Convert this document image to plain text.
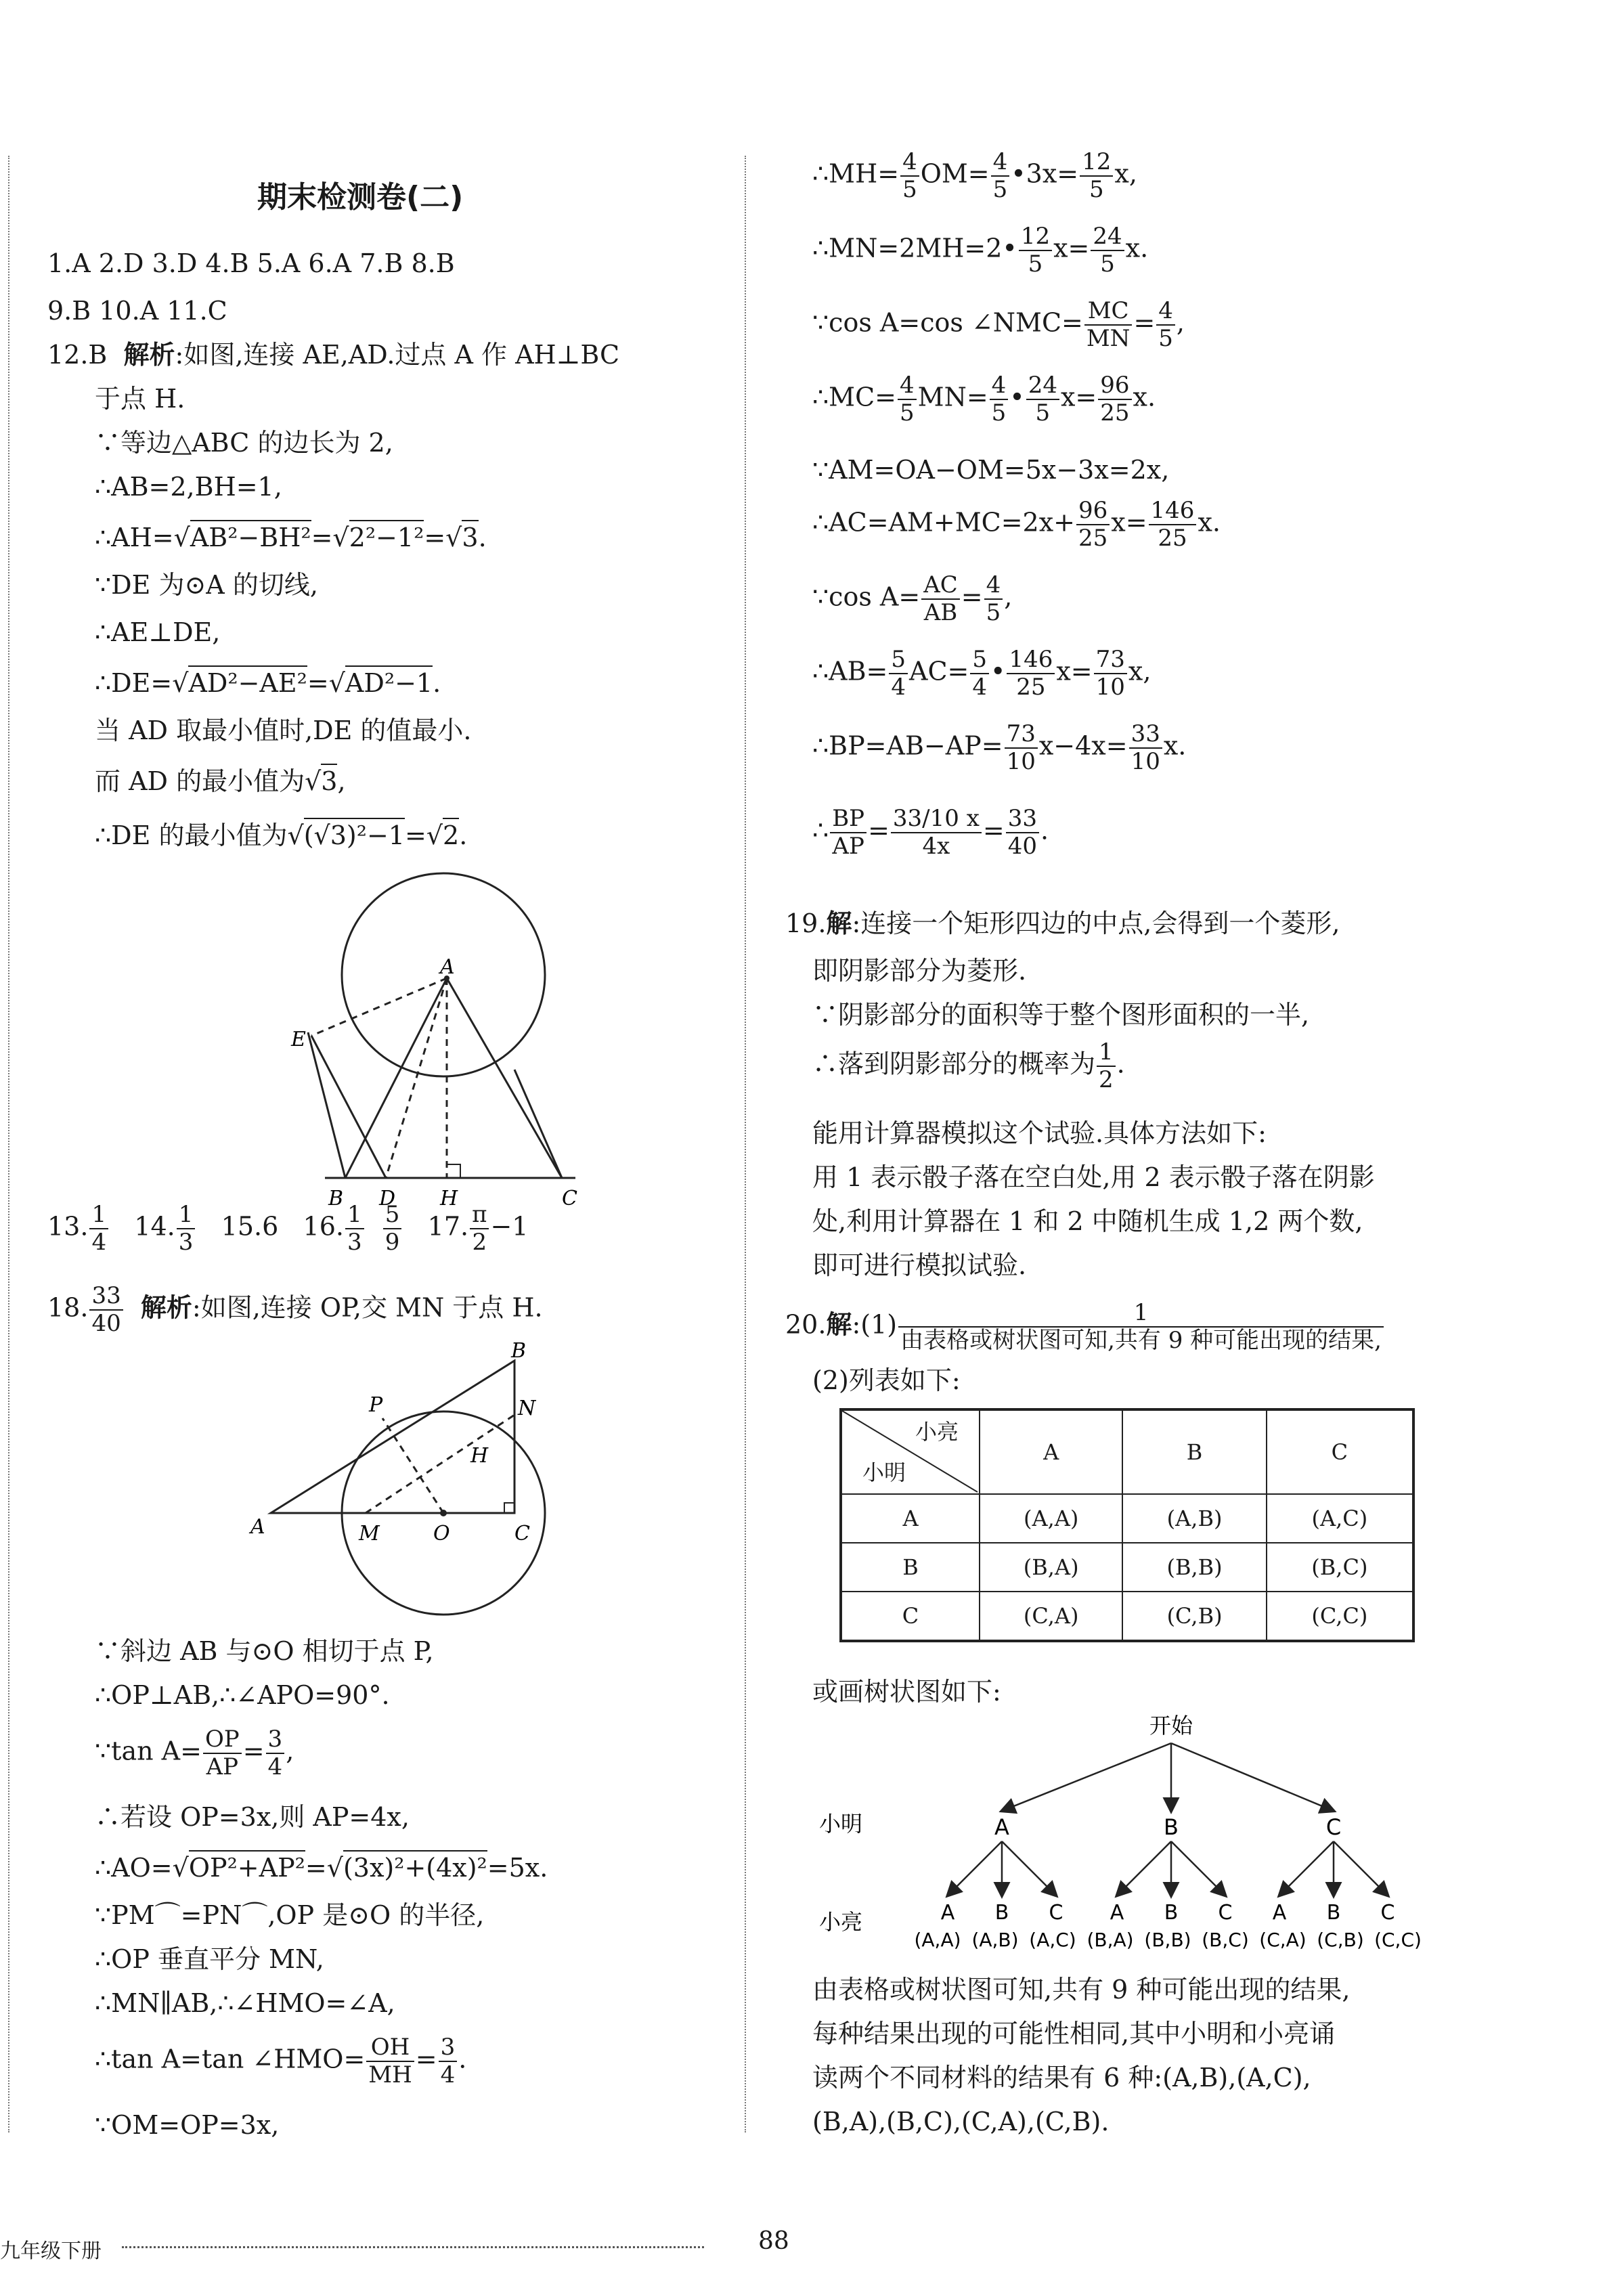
期末检测卷(二)
1.A 2.D 3.D 4.B 5.A 6.A 7.B 8.B
9.B 10.A 11.C
12.B 解析:如图,连接 AE,AD.过点 A 作 AH⊥BC
于点 H.
∵等边△ABC 的边长为 2,
∴AB=2,BH=1,
∴AH=√AB²−BH²=√2²−1²=√3.
∵DE 为⊙A 的切线,
∴AE⊥DE,
∴DE=√AD²−AE²=√AD²−1.
当 AD 取最小值时,DE 的值最小.
而 AD 的最小值为√3,
∴DE 的最小值为√(√3)²−1=√2.
A
E
B D H	C
13. $\frac{1}{4} 14$. $\frac{1}{3} 15.6$ 16. $\frac{1}{3}$
$\frac{5}{9} 17$. $\frac{\pi}{2} -1$
18. $\frac{33}{40}$ 解析:如图,连接 OP,交 MN 于点 H.
A
B
P	N
H
M	O	C
∵斜边 AB 与⊙O 相切于点 P,
∴OP⊥AB,∴∠APO=90°.
∵tan $A= \frac{OP}{AP} = \frac{3}{4}$ ,
∴若设 OP=3x,则 AP=4x,
∴AO=√OP²+AP²=√(3x)²+(4x)²=5x.
∵PM⌒=PN⌒,OP 是⊙O 的半径,
∴OP 垂直平分 MN,
∴MN∥AB,∴∠HMO=∠A,
∴tan A=tan ∠HMO= $\frac{OH}{MH} = \frac{3}{4}$ .
∵OM=OP=3x,
∴MH= $\frac{4}{5} OM= \frac{4}{5}$ •3x= $\frac{12}{5} x$,
∴MN=2MH=2• $\frac{12}{5} x= \frac{24}{5} x$.
∵cos A=cos ∠NMC= $\frac{MC}{MN} = \frac{4}{5}$ ,
∴MC= $\frac{4}{5} MN= \frac{4}{5}$ • $\frac{24}{5} x= \frac{96}{25} x$.
∵AM=OA−OM=5x−3x=2x,
∴AC=AM+MC=2x+ $\frac{96}{25} x= \frac{146}{25} x$.
∵cos $A= \frac{AC}{AB} = \frac{4}{5}$ ,
∴AB= $\frac{5}{4} AC= \frac{5}{4}$ • $\frac{146}{25} x= \frac{73}{10} x$,
∴BP=AB−AP= $\frac{73}{10} x-4x= \frac{33}{10} x$.
∴ $\frac{BP}{AP} = \frac{33/10 x}{4x} = \frac{33}{40}$ .
19.解:连接一个矩形四边的中点,会得到一个菱形,
即阴影部分为菱形.
∵阴影部分的面积等于整个图形面积的一半,
∴落到阴影部分的概率为 $\frac{1}{2}$ .
能用计算器模拟这个试验.具体方法如下:
用 1 表示骰子落在空白处,用 2 表示骰子落在阴影
处,利用计算器在 1 和 2 中随机生成 1,2 两个数,
即可进行模拟试验.
20.解:(1) $\frac{1}{\text{由表格或树状图可知,共有 9 种可能出现的结果,}}$
(2)列表如下:
小亮
小明	A	B	C
A	(A,A)	(A,B)	(A,C)
B	(B,A)	(B,B)	(B,C)
C	(C,A)	(C,B)	(C,C)
或画树状图如下:
开始
小明	A	B	C
小亮	A B C A B C A B C
(A,A) (A,B) (A,C) (B,A) (B,B) (B,C) (C,A) (C,B) (C,C)
由表格或树状图可知,共有 9 种可能出现的结果,
每种结果出现的可能性相同,其中小明和小亮诵
读两个不同材料的结果有 6 种:(A,B),(A,C),
(B,A),(B,C),(C,A),(C,B).
九年级下册	88
